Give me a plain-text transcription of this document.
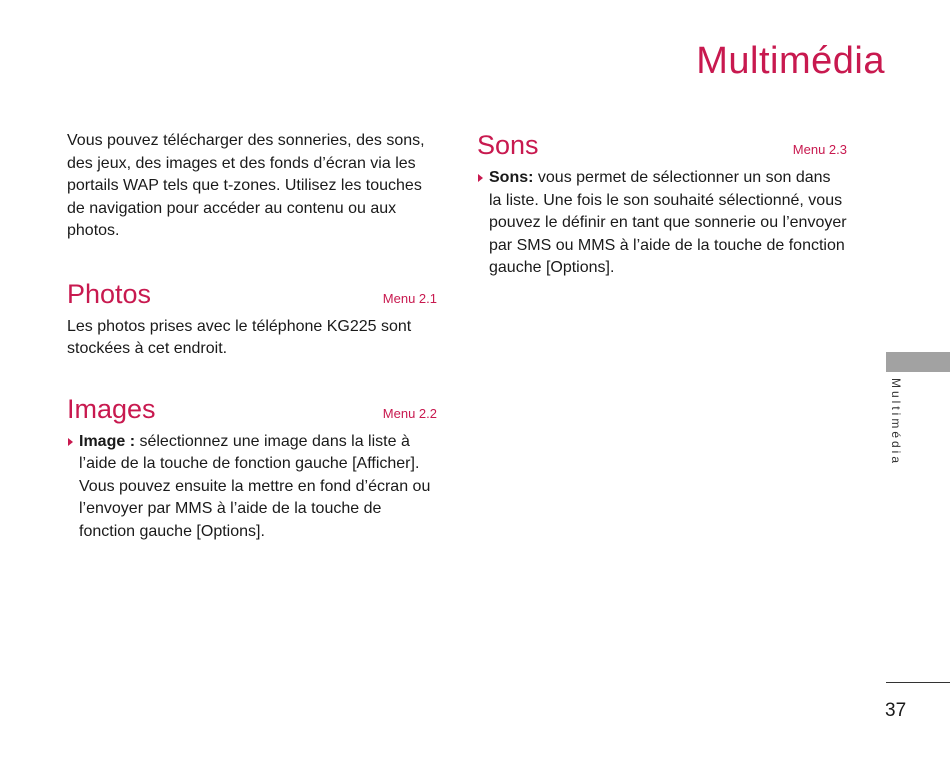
Multimédia

Vous pouvez télécharger des sonneries, des sons, des jeux, des images et des fonds d’écran via les portails WAP tels que t-zones. Utilisez les touches de navigation pour accéder au contenu ou aux photos.

Photos	Menu 2.1

Les photos prises avec le téléphone KG225 sont stockées à cet endroit.

Images	Menu 2.2
Image : sélectionnez une image dans la liste à l’aide de la touche de fonction gauche [Afficher]. Vous pouvez ensuite la mettre en fond d’écran ou l’envoyer par MMS à l’aide de la touche de fonction gauche [Options].
Sons	Menu 2.3
Sons: vous permet de sélectionner un son dans la liste. Une fois le son souhaité sélectionné, vous pouvez le définir en tant que sonnerie ou l’envoyer par SMS ou MMS à l’aide de la touche de fonction gauche [Options].
Multimédia
37
